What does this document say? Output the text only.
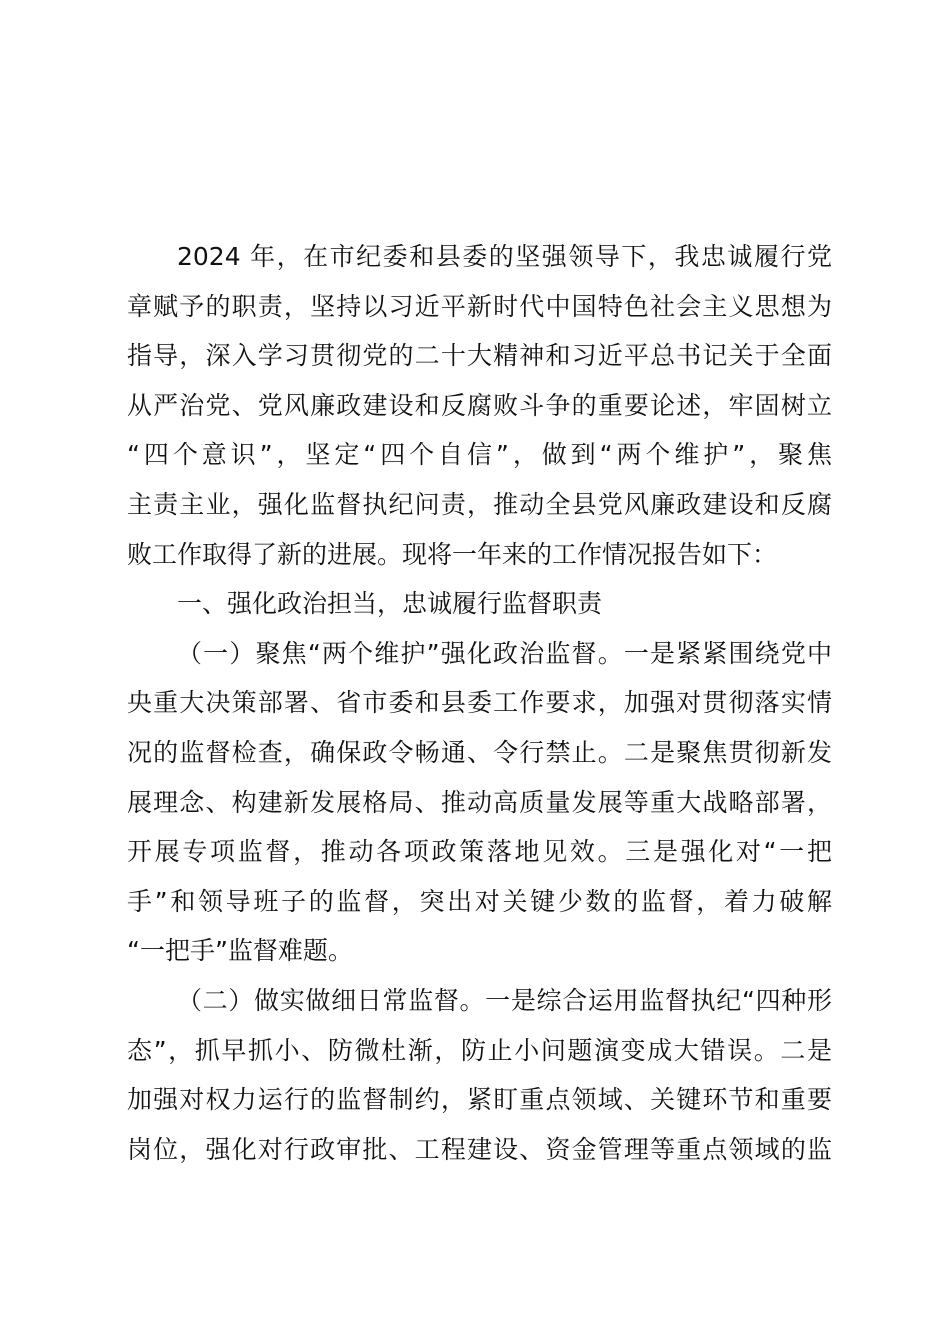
2024 年，在市纪委和县委的坚强领导下，我忠诚履行党
章赋予的职责，坚持以习近平新时代中国特色社会主义思想为
指导，深入学习贯彻党的二十大精神和习近平总书记关于全面
从严治党、党风廉政建设和反腐败斗争的重要论述，牢固树立
“四个意识”，坚定“四个自信”，做到“两个维护”，聚焦
主责主业，强化监督执纪问责，推动全县党风廉政建设和反腐
败工作取得了新的进展。现将一年来的工作情况报告如下：
一、强化政治担当，忠诚履行监督职责
（一）聚焦“两个维护”强化政治监督。一是紧紧围绕党中
央重大决策部署、省市委和县委工作要求，加强对贯彻落实情
况的监督检查，确保政令畅通、令行禁止。二是聚焦贯彻新发
展理念、构建新发展格局、推动高质量发展等重大战略部署，
开展专项监督，推动各项政策落地见效。三是强化对“一把
手”和领导班子的监督，突出对关键少数的监督，着力破解
“一把手”监督难题。
（二）做实做细日常监督。一是综合运用监督执纪“四种形
态”，抓早抓小、防微杜渐，防止小问题演变成大错误。二是
加强对权力运行的监督制约，紧盯重点领域、关键环节和重要
岗位，强化对行政审批、工程建设、资金管理等重点领域的监
